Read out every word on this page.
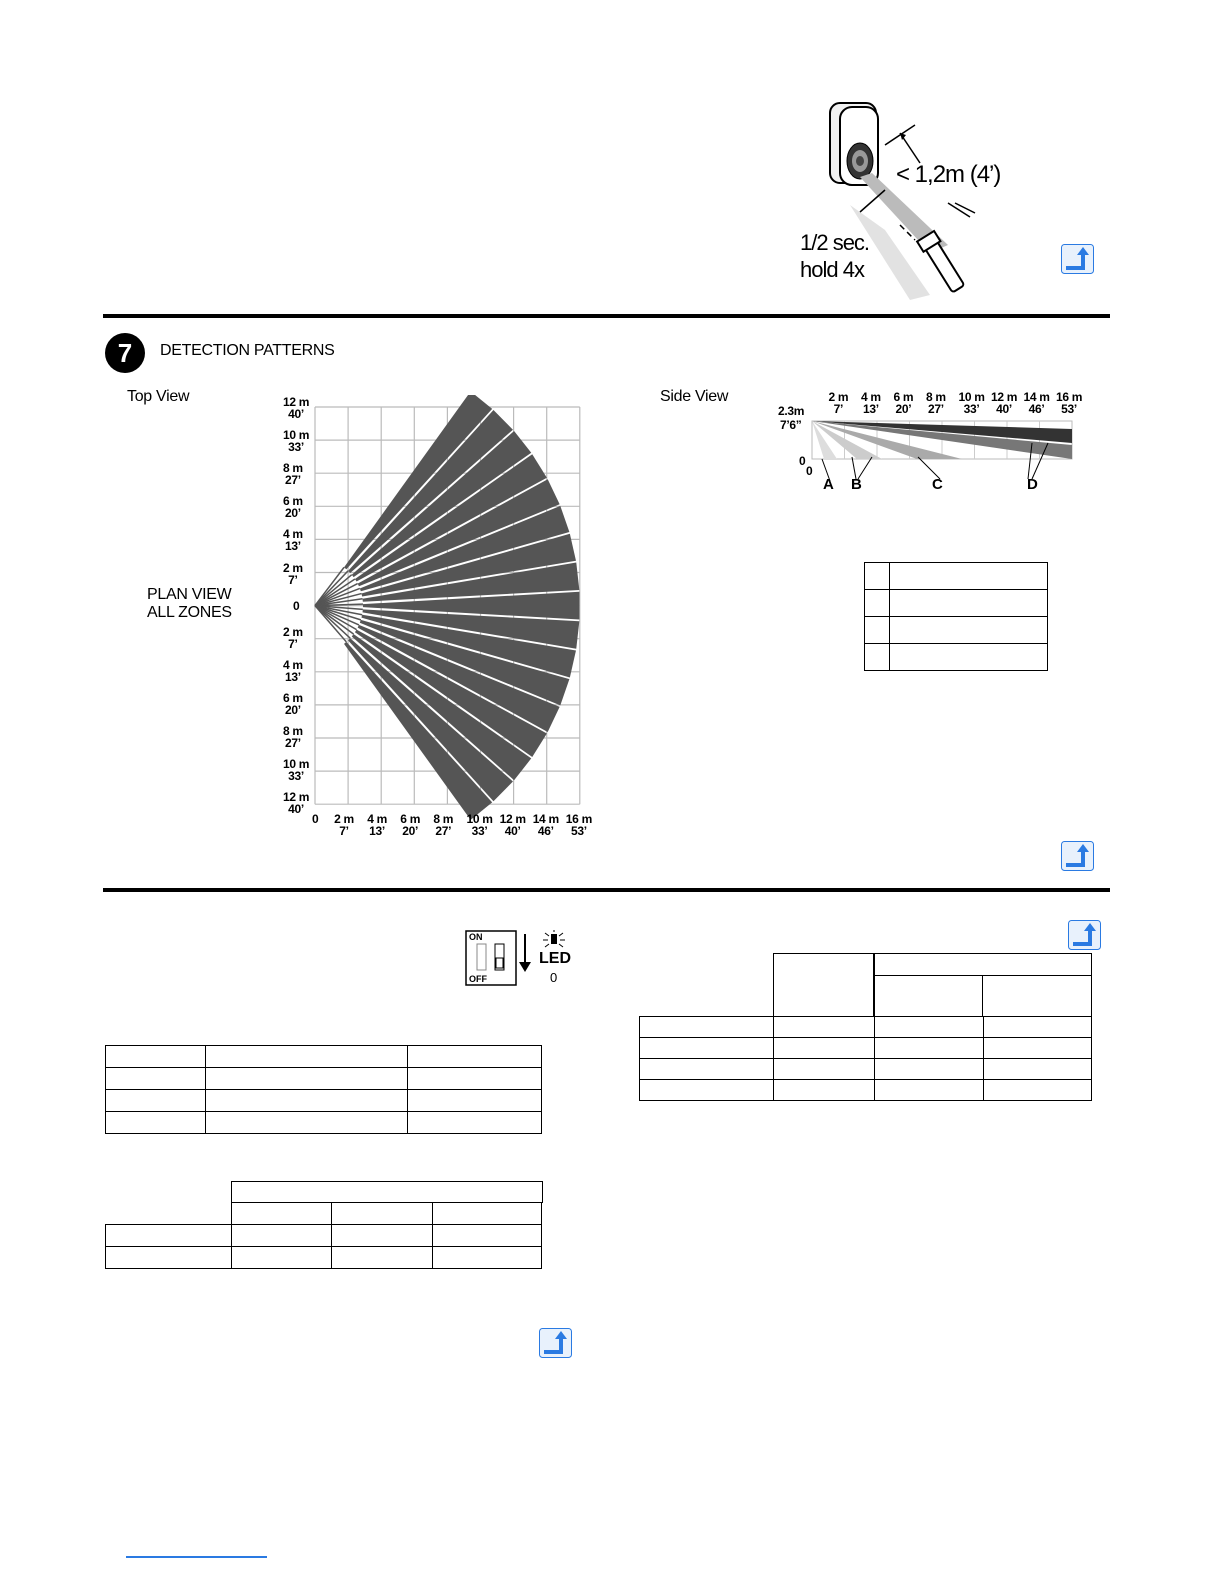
< 1,2m (4’)
1/2 sec.
hold 4x
7	DETECTION PATTERNS
Top View
PLAN VIEW
ALL ZONES
12 m
40’
10 m
33’
8 m
27’
6 m
20’
4 m
13’
2 m
7’
0
2 m
7’
4 m
13’
6 m
20’
8 m
27’
10 m
33’
12 m
40’
0 2 m
7’
4 m
13’
6 m
20’
8 m
27’
10 m
33’
12 m
40’
14 m
46’
16 m
53’
Side View
2.3m
7’6”
0
0
2 m
7’
4 m
13’
6 m
20’
8 m
27’
10 m
33’
12 m
40’
14 m
46’
16 m
53’
A B	C	D

ON
OFF
LED
0
